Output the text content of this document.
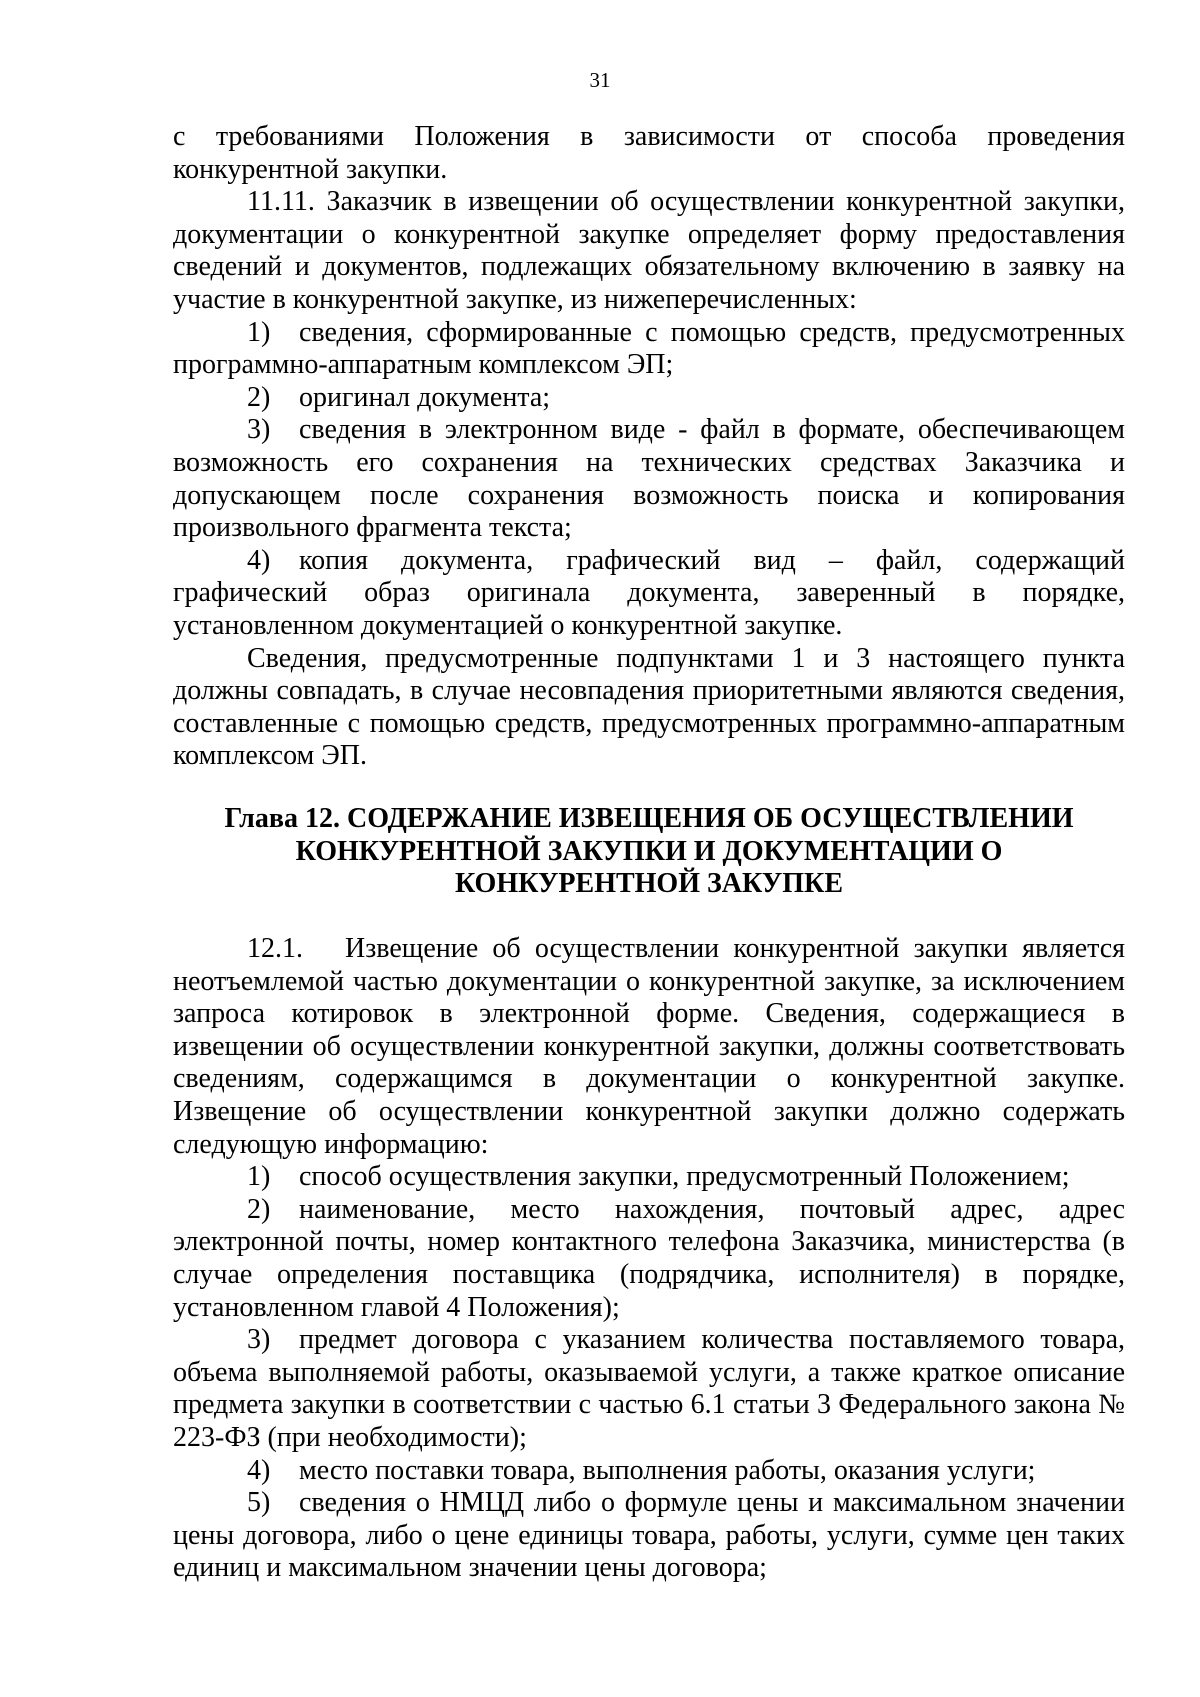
31

с требованиями Положения в зависимости от способа проведения конкурентной закупки.

11.11. Заказчик в извещении об осуществлении конкурентной закупки, документации о конкурентной закупке определяет форму предоставления сведений и документов, подлежащих обязательному включению в заявку на участие в конкурентной закупке, из нижеперечисленных:

1) сведения, сформированные с помощью средств, предусмотренных программно-аппаратным комплексом ЭП;

2) оригинал документа;

3) сведения в электронном виде - файл в формате, обеспечивающем возможность его сохранения на технических средствах Заказчика и допускающем после сохранения возможность поиска и копирования произвольного фрагмента текста;

4) копия документа, графический вид – файл, содержащий графический образ оригинала документа, заверенный в порядке, установленном документацией о конкурентной закупке.

Сведения, предусмотренные подпунктами 1 и 3 настоящего пункта должны совпадать, в случае несовпадения приоритетными являются сведения, составленные с помощью средств, предусмотренных программно-аппаратным комплексом ЭП.

Глава 12. СОДЕРЖАНИЕ ИЗВЕЩЕНИЯ ОБ ОСУЩЕСТВЛЕНИИ
КОНКУРЕНТНОЙ ЗАКУПКИ И ДОКУМЕНТАЦИИ О
КОНКУРЕНТНОЙ ЗАКУПКЕ

12.1. Извещение об осуществлении конкурентной закупки является неотъемлемой частью документации о конкурентной закупке, за исключением запроса котировок в электронной форме. Сведения, содержащиеся в извещении об осуществлении конкурентной закупки, должны соответствовать сведениям, содержащимся в документации о конкурентной закупке. Извещение об осуществлении конкурентной закупки должно содержать следующую информацию:

1) способ осуществления закупки, предусмотренный Положением;

2) наименование, место нахождения, почтовый адрес, адрес электронной почты, номер контактного телефона Заказчика, министерства (в случае определения поставщика (подрядчика, исполнителя) в порядке, установленном главой 4 Положения);

3) предмет договора с указанием количества поставляемого товара, объема выполняемой работы, оказываемой услуги, а также краткое описание предмета закупки в соответствии с частью 6.1 статьи 3 Федерального закона № 223-ФЗ (при необходимости);

4) место поставки товара, выполнения работы, оказания услуги;

5) сведения о НМЦД либо о формуле цены и максимальном значении цены договора, либо о цене единицы товара, работы, услуги, сумме цен таких единиц и максимальном значении цены договора;
